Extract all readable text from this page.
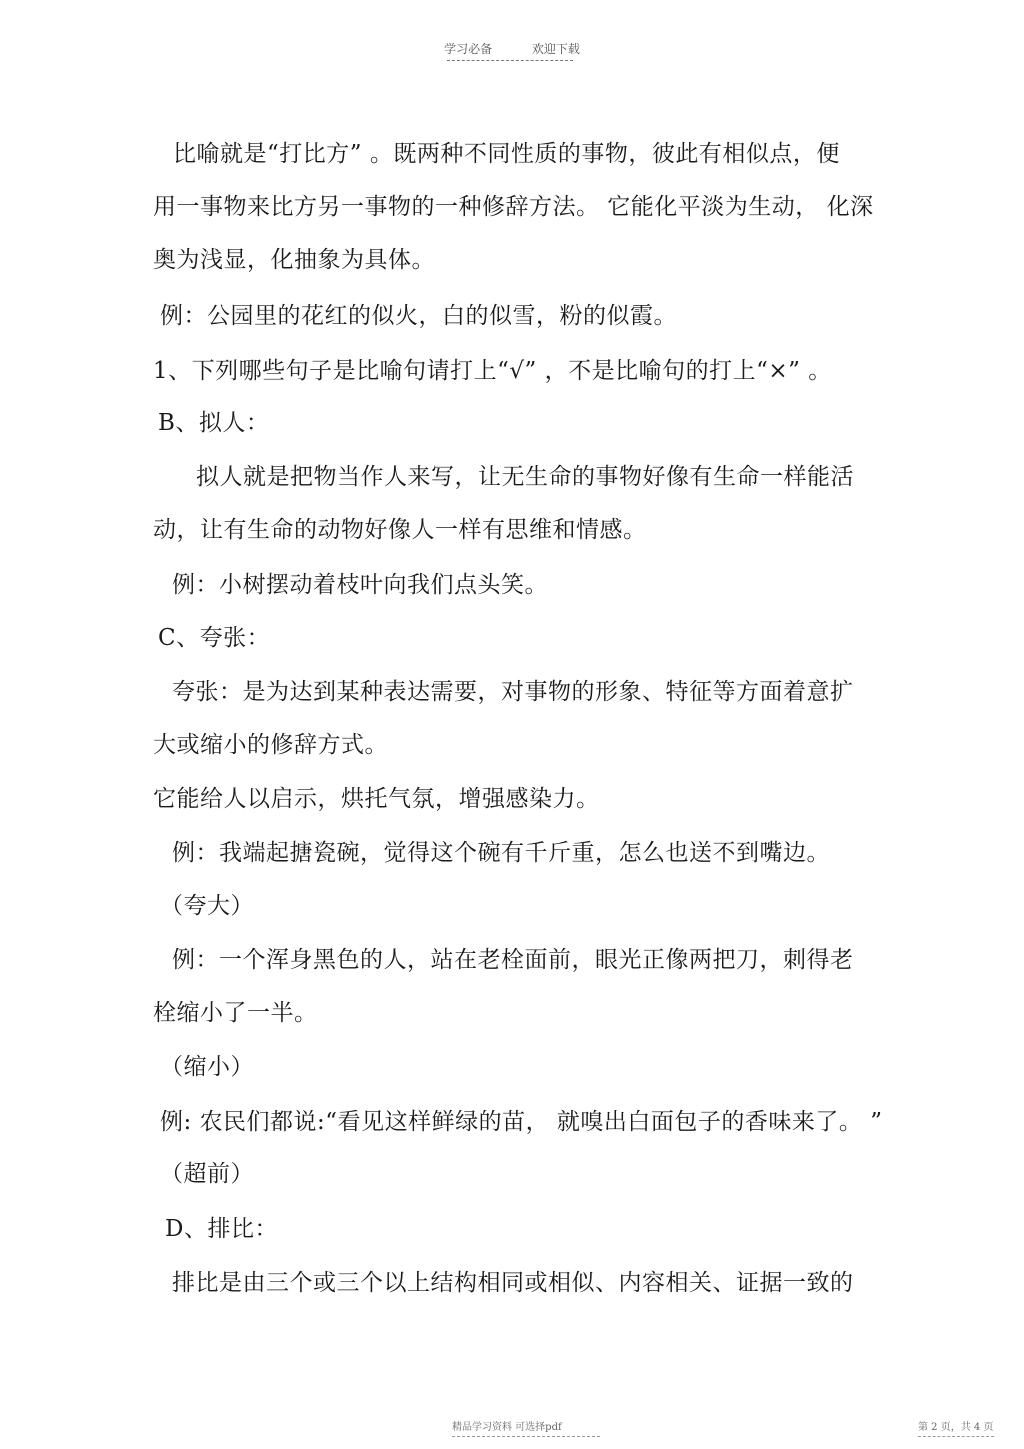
学习必备	欢迎下载
比喻就是“打比方” 。既两种不同性质的事物，彼此有相似点，便
用一事物来比方另一事物的一种修辞方法。 它能化平淡为生动， 化深
奥为浅显，化抽象为具体。
例：公园里的花红的似火，白的似雪，粉的似霞。
1、下列哪些句子是比喻句请打上“√” ，不是比喻句的打上“×” 。
B、拟人：
拟人就是把物当作人来写，让无生命的事物好像有生命一样能活
动，让有生命的动物好像人一样有思维和情感。
例：小树摆动着枝叶向我们点头笑。
C、夸张：
夸张：是为达到某种表达需要，对事物的形象、特征等方面着意扩
大或缩小的修辞方式。
它能给人以启示，烘托气氛，增强感染力。
例：我端起搪瓷碗，觉得这个碗有千斤重，怎么也送不到嘴边。
（夸大）
例：一个浑身黑色的人，站在老栓面前，眼光正像两把刀，刺得老
栓缩小了一半。
（缩小）
例: 农民们都说:“看见这样鲜绿的苗， 就嗅出白面包子的香味来了。 ”
（超前）
D、排比：
排比是由三个或三个以上结构相同或相似、内容相关、证据一致的
精品学习资料 可选择pdf	第 2 页，共 4 页
